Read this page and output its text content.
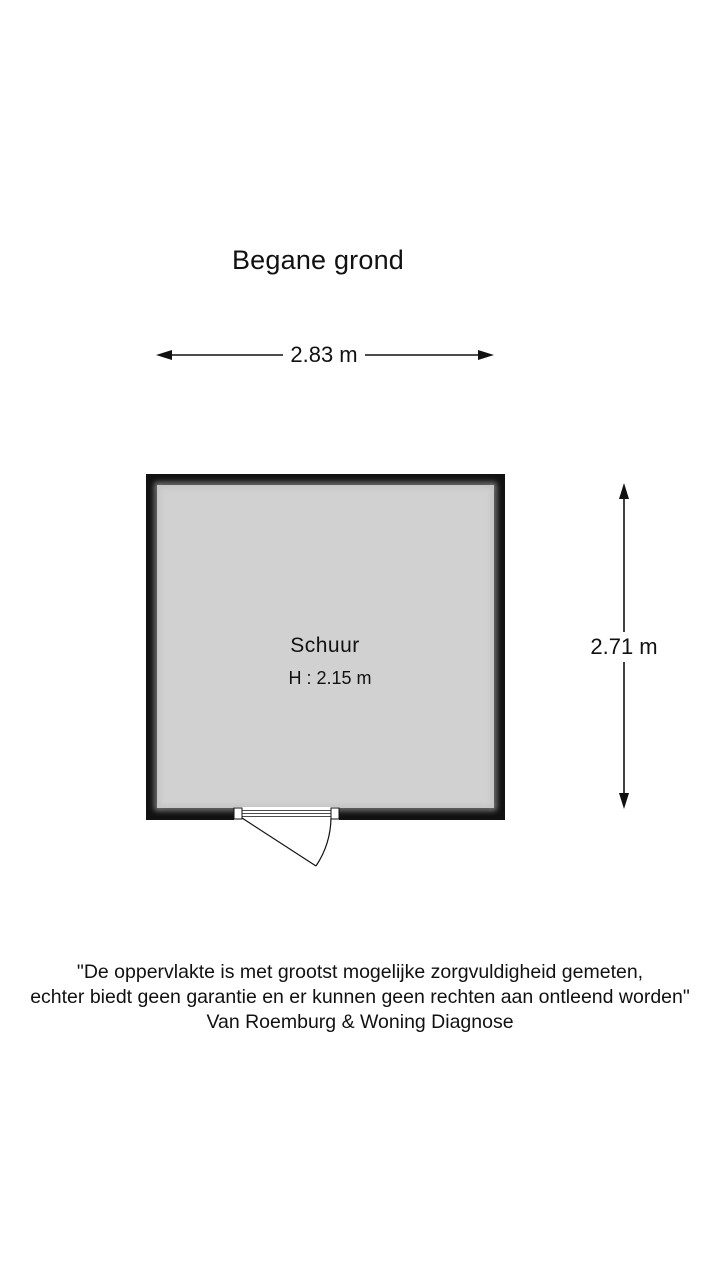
Begane grond
2.83 m
2.71 m
Schuur
H : 2.15 m
"De oppervlakte is met grootst mogelijke zorgvuldigheid gemeten,
echter biedt geen garantie en er kunnen geen rechten aan ontleend worden"
Van Roemburg & Woning Diagnose
